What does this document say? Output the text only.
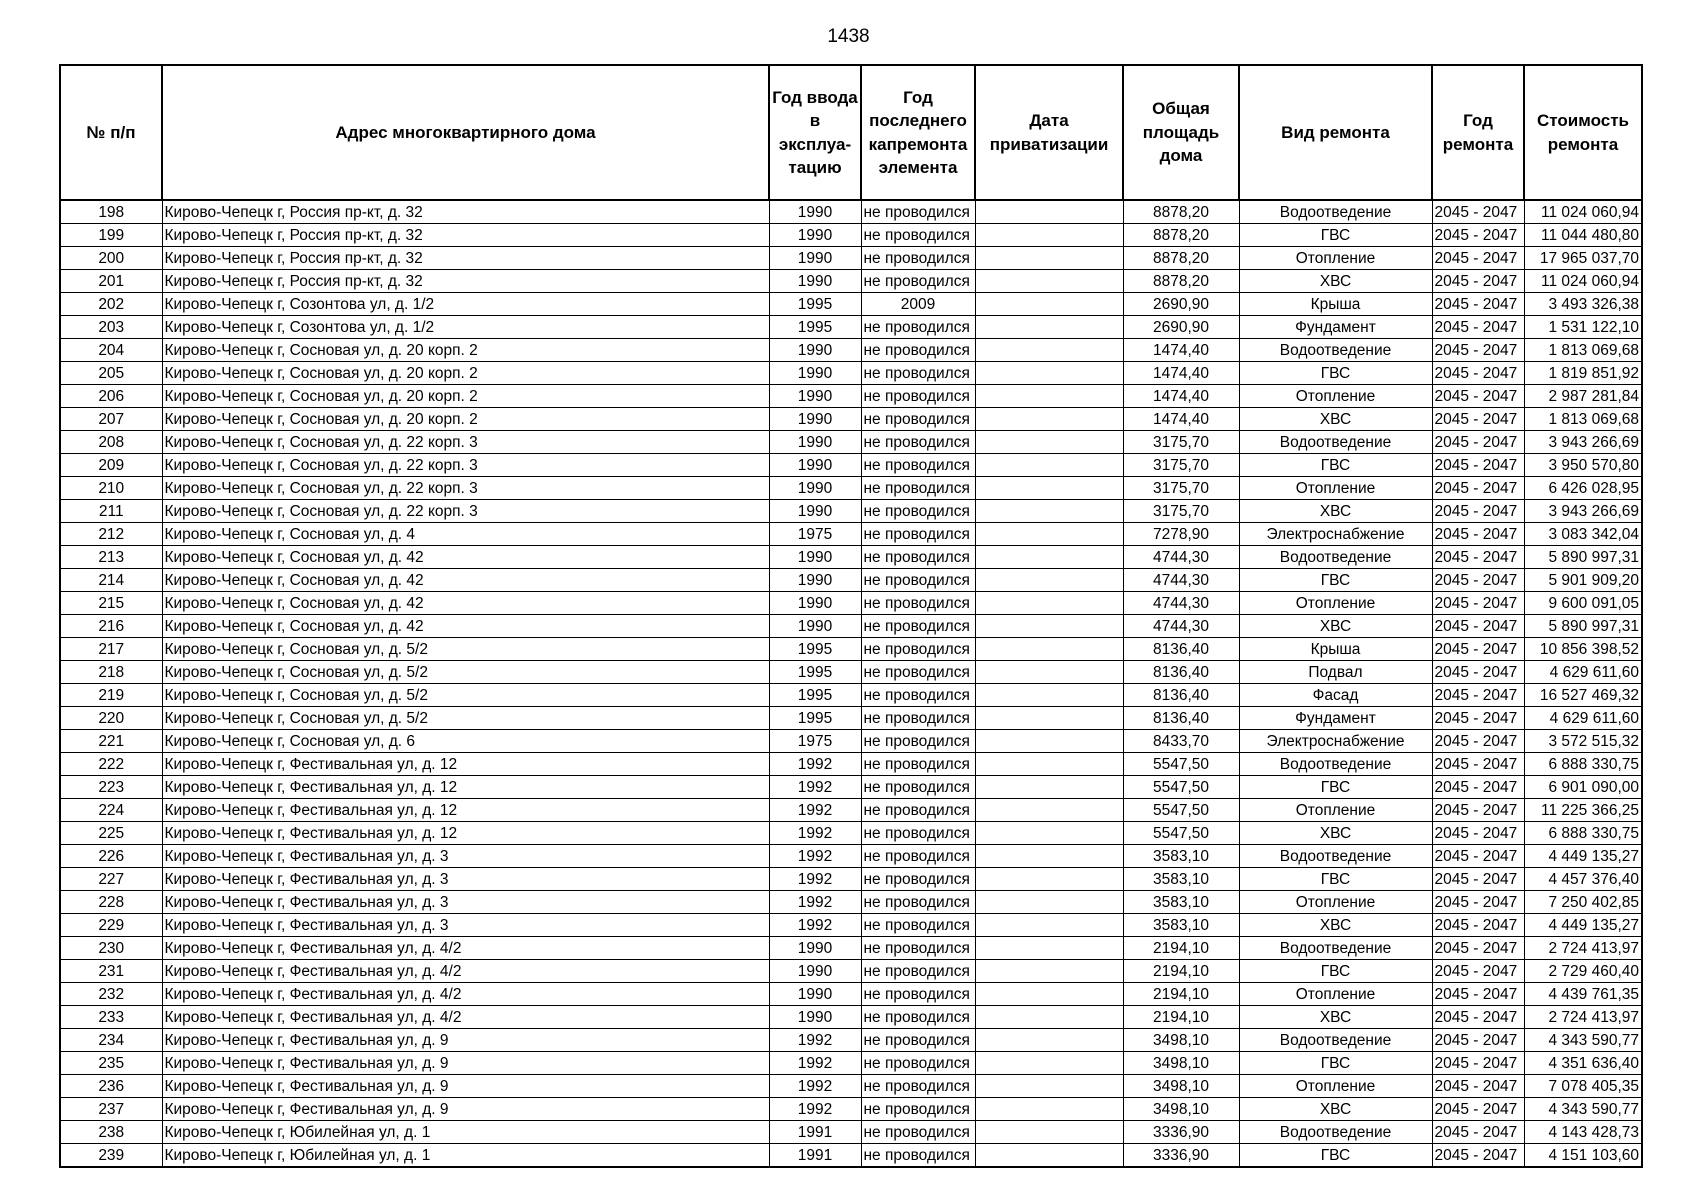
1438
№ п/п	Адрес многоквартирного дома	Год ввода в эксплуа-тацию	Год последнего капремонта элемента	Дата приватизации	Общая площадь дома	Вид ремонта	Год ремонта	Стоимость ремонта
198	Кирово-Чепецк г, Россия пр-кт, д. 32	1990	не проводился		8878,20	Водоотведение	2045 - 2047	11 024 060,94
199	Кирово-Чепецк г, Россия пр-кт, д. 32	1990	не проводился		8878,20	ГВС	2045 - 2047	11 044 480,80
200	Кирово-Чепецк г, Россия пр-кт, д. 32	1990	не проводился		8878,20	Отопление	2045 - 2047	17 965 037,70
201	Кирово-Чепецк г, Россия пр-кт, д. 32	1990	не проводился		8878,20	ХВС	2045 - 2047	11 024 060,94
202	Кирово-Чепецк г, Созонтова ул, д. 1/2	1995	2009		2690,90	Крыша	2045 - 2047	3 493 326,38
203	Кирово-Чепецк г, Созонтова ул, д. 1/2	1995	не проводился		2690,90	Фундамент	2045 - 2047	1 531 122,10
204	Кирово-Чепецк г, Сосновая ул, д. 20 корп. 2	1990	не проводился		1474,40	Водоотведение	2045 - 2047	1 813 069,68
205	Кирово-Чепецк г, Сосновая ул, д. 20 корп. 2	1990	не проводился		1474,40	ГВС	2045 - 2047	1 819 851,92
206	Кирово-Чепецк г, Сосновая ул, д. 20 корп. 2	1990	не проводился		1474,40	Отопление	2045 - 2047	2 987 281,84
207	Кирово-Чепецк г, Сосновая ул, д. 20 корп. 2	1990	не проводился		1474,40	ХВС	2045 - 2047	1 813 069,68
208	Кирово-Чепецк г, Сосновая ул, д. 22 корп. 3	1990	не проводился		3175,70	Водоотведение	2045 - 2047	3 943 266,69
209	Кирово-Чепецк г, Сосновая ул, д. 22 корп. 3	1990	не проводился		3175,70	ГВС	2045 - 2047	3 950 570,80
210	Кирово-Чепецк г, Сосновая ул, д. 22 корп. 3	1990	не проводился		3175,70	Отопление	2045 - 2047	6 426 028,95
211	Кирово-Чепецк г, Сосновая ул, д. 22 корп. 3	1990	не проводился		3175,70	ХВС	2045 - 2047	3 943 266,69
212	Кирово-Чепецк г, Сосновая ул, д. 4	1975	не проводился		7278,90	Электроснабжение	2045 - 2047	3 083 342,04
213	Кирово-Чепецк г, Сосновая ул, д. 42	1990	не проводился		4744,30	Водоотведение	2045 - 2047	5 890 997,31
214	Кирово-Чепецк г, Сосновая ул, д. 42	1990	не проводился		4744,30	ГВС	2045 - 2047	5 901 909,20
215	Кирово-Чепецк г, Сосновая ул, д. 42	1990	не проводился		4744,30	Отопление	2045 - 2047	9 600 091,05
216	Кирово-Чепецк г, Сосновая ул, д. 42	1990	не проводился		4744,30	ХВС	2045 - 2047	5 890 997,31
217	Кирово-Чепецк г, Сосновая ул, д. 5/2	1995	не проводился		8136,40	Крыша	2045 - 2047	10 856 398,52
218	Кирово-Чепецк г, Сосновая ул, д. 5/2	1995	не проводился		8136,40	Подвал	2045 - 2047	4 629 611,60
219	Кирово-Чепецк г, Сосновая ул, д. 5/2	1995	не проводился		8136,40	Фасад	2045 - 2047	16 527 469,32
220	Кирово-Чепецк г, Сосновая ул, д. 5/2	1995	не проводился		8136,40	Фундамент	2045 - 2047	4 629 611,60
221	Кирово-Чепецк г, Сосновая ул, д. 6	1975	не проводился		8433,70	Электроснабжение	2045 - 2047	3 572 515,32
222	Кирово-Чепецк г, Фестивальная ул, д. 12	1992	не проводился		5547,50	Водоотведение	2045 - 2047	6 888 330,75
223	Кирово-Чепецк г, Фестивальная ул, д. 12	1992	не проводился		5547,50	ГВС	2045 - 2047	6 901 090,00
224	Кирово-Чепецк г, Фестивальная ул, д. 12	1992	не проводился		5547,50	Отопление	2045 - 2047	11 225 366,25
225	Кирово-Чепецк г, Фестивальная ул, д. 12	1992	не проводился		5547,50	ХВС	2045 - 2047	6 888 330,75
226	Кирово-Чепецк г, Фестивальная ул, д. 3	1992	не проводился		3583,10	Водоотведение	2045 - 2047	4 449 135,27
227	Кирово-Чепецк г, Фестивальная ул, д. 3	1992	не проводился		3583,10	ГВС	2045 - 2047	4 457 376,40
228	Кирово-Чепецк г, Фестивальная ул, д. 3	1992	не проводился		3583,10	Отопление	2045 - 2047	7 250 402,85
229	Кирово-Чепецк г, Фестивальная ул, д. 3	1992	не проводился		3583,10	ХВС	2045 - 2047	4 449 135,27
230	Кирово-Чепецк г, Фестивальная ул, д. 4/2	1990	не проводился		2194,10	Водоотведение	2045 - 2047	2 724 413,97
231	Кирово-Чепецк г, Фестивальная ул, д. 4/2	1990	не проводился		2194,10	ГВС	2045 - 2047	2 729 460,40
232	Кирово-Чепецк г, Фестивальная ул, д. 4/2	1990	не проводился		2194,10	Отопление	2045 - 2047	4 439 761,35
233	Кирово-Чепецк г, Фестивальная ул, д. 4/2	1990	не проводился		2194,10	ХВС	2045 - 2047	2 724 413,97
234	Кирово-Чепецк г, Фестивальная ул, д. 9	1992	не проводился		3498,10	Водоотведение	2045 - 2047	4 343 590,77
235	Кирово-Чепецк г, Фестивальная ул, д. 9	1992	не проводился		3498,10	ГВС	2045 - 2047	4 351 636,40
236	Кирово-Чепецк г, Фестивальная ул, д. 9	1992	не проводился		3498,10	Отопление	2045 - 2047	7 078 405,35
237	Кирово-Чепецк г, Фестивальная ул, д. 9	1992	не проводился		3498,10	ХВС	2045 - 2047	4 343 590,77
238	Кирово-Чепецк г, Юбилейная ул, д. 1	1991	не проводился		3336,90	Водоотведение	2045 - 2047	4 143 428,73
239	Кирово-Чепецк г, Юбилейная ул, д. 1	1991	не проводился		3336,90	ГВС	2045 - 2047	4 151 103,60
